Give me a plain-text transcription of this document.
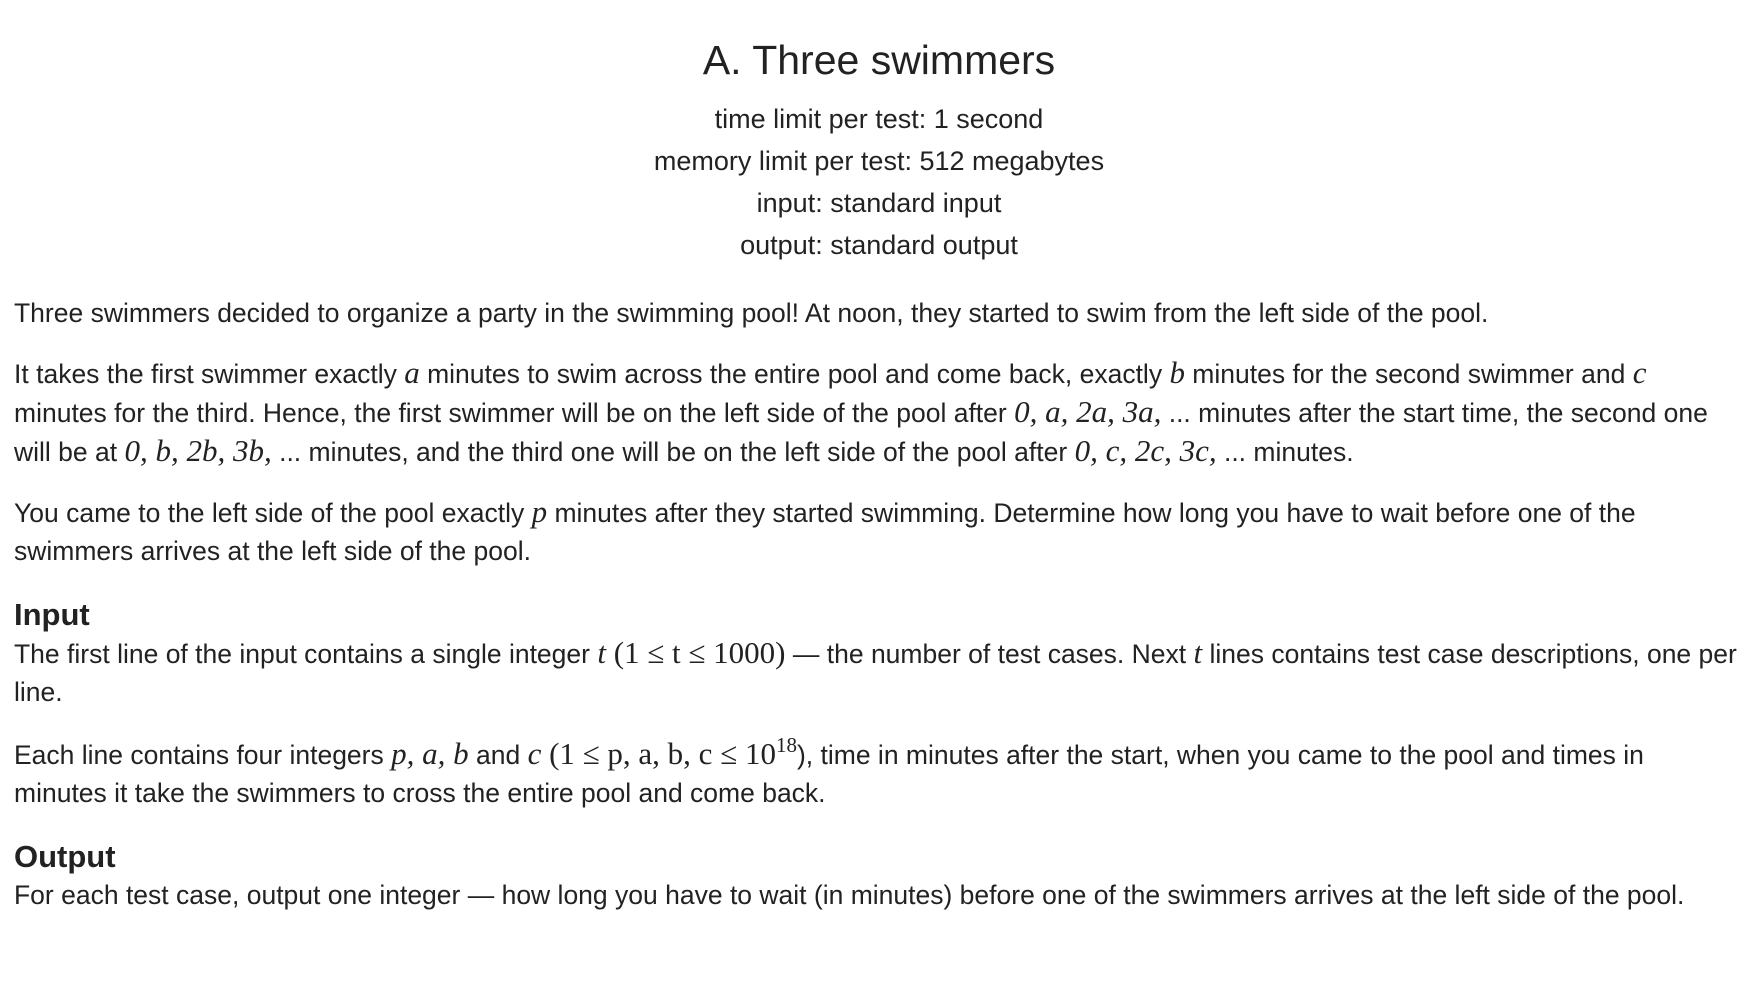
A. Three swimmers
time limit per test: 1 second
memory limit per test: 512 megabytes
input: standard input
output: standard output

Three swimmers decided to organize a party in the swimming pool! At noon, they started to swim from the left side of the pool.

It takes the first swimmer exactly a minutes to swim across the entire pool and come back, exactly b minutes for the second swimmer and c minutes for the third. Hence, the first swimmer will be on the left side of the pool after 0, a, 2a, 3a, ... minutes after the start time, the second one will be at 0, b, 2b, 3b, ... minutes, and the third one will be on the left side of the pool after 0, c, 2c, 3c, ... minutes.

You came to the left side of the pool exactly p minutes after they started swimming. Determine how long you have to wait before one of the swimmers arrives at the left side of the pool.

Input

The first line of the input contains a single integer t (1 ≤ t ≤ 1000) — the number of test cases. Next t lines contains test case descriptions, one per line.

Each line contains four integers p, a, b and c (1 ≤ p, a, b, $c \le 10^{18}$), time in minutes after the start, when you came to the pool and times in minutes it take the swimmers to cross the entire pool and come back.

Output

For each test case, output one integer — how long you have to wait (in minutes) before one of the swimmers arrives at the left side of the pool.
